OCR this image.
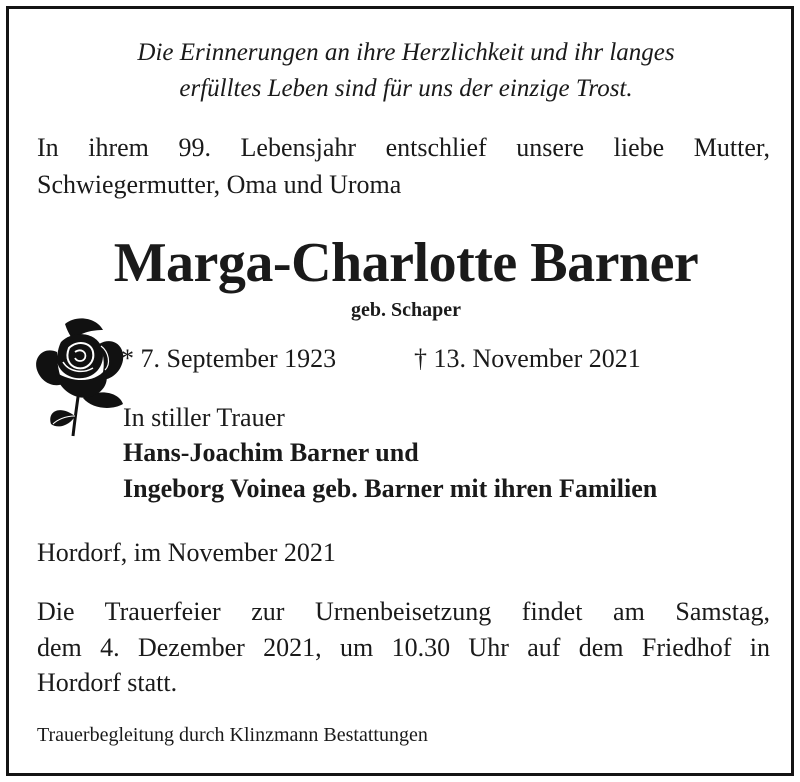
Die Erinnerungen an ihre Herzlichkeit und ihr langes

erfülltes Leben sind für uns der einzige Trost.

In ihrem 99. Lebensjahr entschlief unsere liebe Mutter,

Schwiegermutter, Oma und Uroma

Marga-Charlotte Barner

geb. Schaper

* 7. September 1923	† 13. November 2021

In stiller Trauer

Hans-Joachim Barner und

Ingeborg Voinea geb. Barner mit ihren Familien

Hordorf, im November 2021

Die Trauerfeier zur Urnenbeisetzung findet am Samstag,

dem 4. Dezember 2021, um 10.30 Uhr auf dem Friedhof in

Hordorf statt.

Trauerbegleitung durch Klinzmann Bestattungen
